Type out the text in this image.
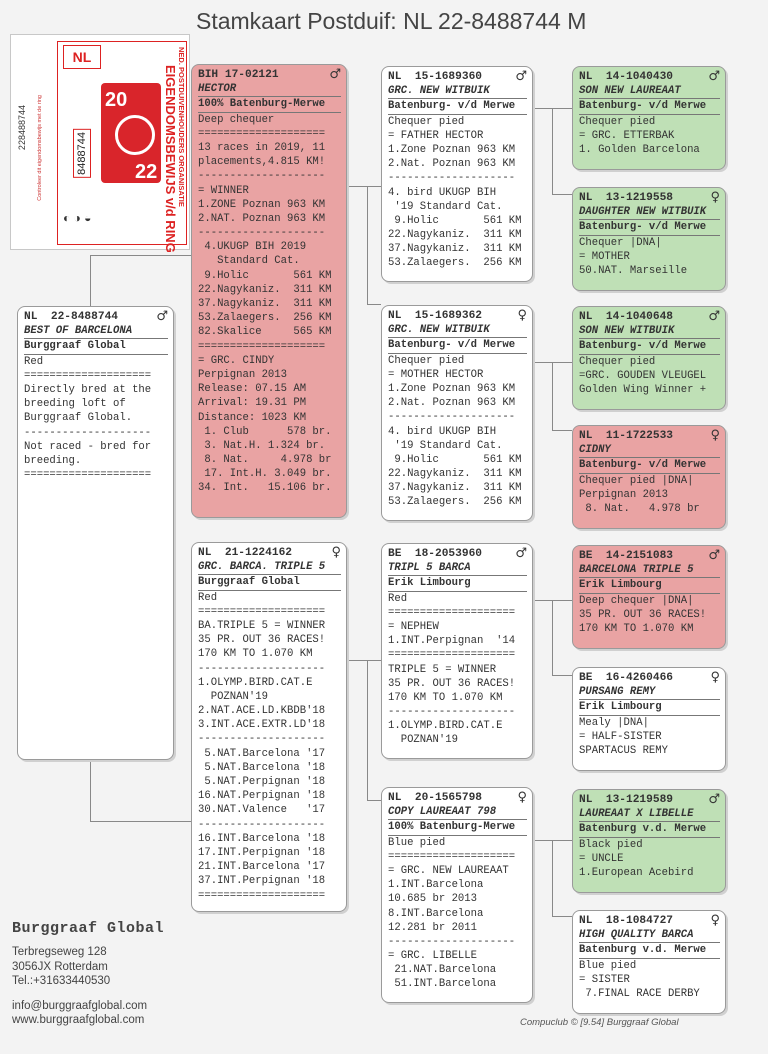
Stamkaart Postduif: NL 22-8488744 M
228488744 Controleer dit eigendomsbewijs met de ring
NL
8488744
20
22 EIGENDOMSBEWIJS v/d RING NED. POSTDUIVENHOUDERS ORGANISATIE
◐ ◑ ◒
NL  22-8488744	♂
BEST OF BARCELONA
Burggraaf Global
Red
====================
Directly bred at the
breeding loft of
Burggraaf Global.
--------------------
Not raced - bred for
breeding.
====================
BIH 17-02121	♂
HECTOR
100% Batenburg-Merwe
Deep chequer
====================
13 races in 2019, 11
placements,4.815 KM!
--------------------
= WINNER
1.ZONE Poznan 963 KM
2.NAT. Poznan 963 KM
--------------------
4.UKUGP BIH 2019
Standard Cat.
9.Holic       561 KM
22.Nagykaniz.  311 KM
37.Nagykaniz.  311 KM
53.Zalaegers.  256 KM
82.Skalice     565 KM
====================
= GRC. CINDY
Perpignan 2013
Release: 07.15 AM
Arrival: 19.31 PM
Distance: 1023 KM
1. Club      578 br.
3. Nat.H. 1.324 br.
8. Nat.     4.978 br
17. Int.H. 3.049 br.
34. Int.   15.106 br.
NL  21-1224162	♀
GRC. BARCA. TRIPLE 5
Burggraaf Global
Red
====================
BA.TRIPLE 5 = WINNER
35 PR. OUT 36 RACES!
170 KM TO 1.070 KM
--------------------
1.OLYMP.BIRD.CAT.E
POZNAN'19
2.NAT.ACE.LD.KBDB'18
3.INT.ACE.EXTR.LD'18
--------------------
5.NAT.Barcelona '17
5.NAT.Barcelona '18
5.NAT.Perpignan '18
16.NAT.Perpignan '18
30.NAT.Valence   '17
--------------------
16.INT.Barcelona '18
17.INT.Perpignan '18
21.INT.Barcelona '17
37.INT.Perpignan '18
====================
NL  15-1689360	♂
GRC. NEW WITBUIK
Batenburg- v/d Merwe
Chequer pied
= FATHER HECTOR
1.Zone Poznan 963 KM
2.Nat. Poznan 963 KM
--------------------
4. bird UKUGP BIH
'19 Standard Cat.
9.Holic       561 KM
22.Nagykaniz.  311 KM
37.Nagykaniz.  311 KM
53.Zalaegers.  256 KM
NL  15-1689362	♀
GRC. NEW WITBUIK
Batenburg- v/d Merwe
Chequer pied
= MOTHER HECTOR
1.Zone Poznan 963 KM
2.Nat. Poznan 963 KM
--------------------
4. bird UKUGP BIH
'19 Standard Cat.
9.Holic       561 KM
22.Nagykaniz.  311 KM
37.Nagykaniz.  311 KM
53.Zalaegers.  256 KM
BE  18-2053960	♂
TRIPL 5 BARCA
Erik Limbourg
Red
====================
= NEPHEW
1.INT.Perpignan  '14
====================
TRIPLE 5 = WINNER
35 PR. OUT 36 RACES!
170 KM TO 1.070 KM
--------------------
1.OLYMP.BIRD.CAT.E
POZNAN'19
NL  20-1565798	♀
COPY LAUREAAT 798
100% Batenburg-Merwe
Blue pied
====================
= GRC. NEW LAUREAAT
1.INT.Barcelona
10.685 br 2013
8.INT.Barcelona
12.281 br 2011
--------------------
= GRC. LIBELLE
21.NAT.Barcelona
51.INT.Barcelona
NL  14-1040430	♂
SON NEW LAUREAAT
Batenburg- v/d Merwe
Chequer pied
= GRC. ETTERBAK
1. Golden Barcelona
NL  13-1219558	♀
DAUGHTER NEW WITBUIK
Batenburg- v/d Merwe
Chequer |DNA|
= MOTHER
50.NAT. Marseille
NL  14-1040648	♂
SON NEW WITBUIK
Batenburg- v/d Merwe
Chequer pied
=GRC. GOUDEN VLEUGEL
Golden Wing Winner +
NL  11-1722533	♀
CIDNY
Batenburg- v/d Merwe
Chequer pied |DNA|
Perpignan 2013
8. Nat.   4.978 br
BE  14-2151083	♂
BARCELONA TRIPLE 5
Erik Limbourg
Deep chequer |DNA|
35 PR. OUT 36 RACES!
170 KM TO 1.070 KM
BE  16-4260466	♀
PURSANG REMY
Erik Limbourg
Mealy |DNA|
= HALF-SISTER
SPARTACUS REMY
NL  13-1219589	♂
LAUREAAT X LIBELLE
Batenburg v.d. Merwe
Black pied
= UNCLE
1.European Acebird
NL  18-1084727	♀
HIGH QUALITY BARCA
Batenburg v.d. Merwe
Blue pied
= SISTER
7.FINAL RACE DERBY
Burggraaf Global
Terbregseweg 128
3056JX Rotterdam
Tel.:+31633440530
info@burggraafglobal.com
www.burggraafglobal.com	Compuclub © [9.54] Burggraaf Global
